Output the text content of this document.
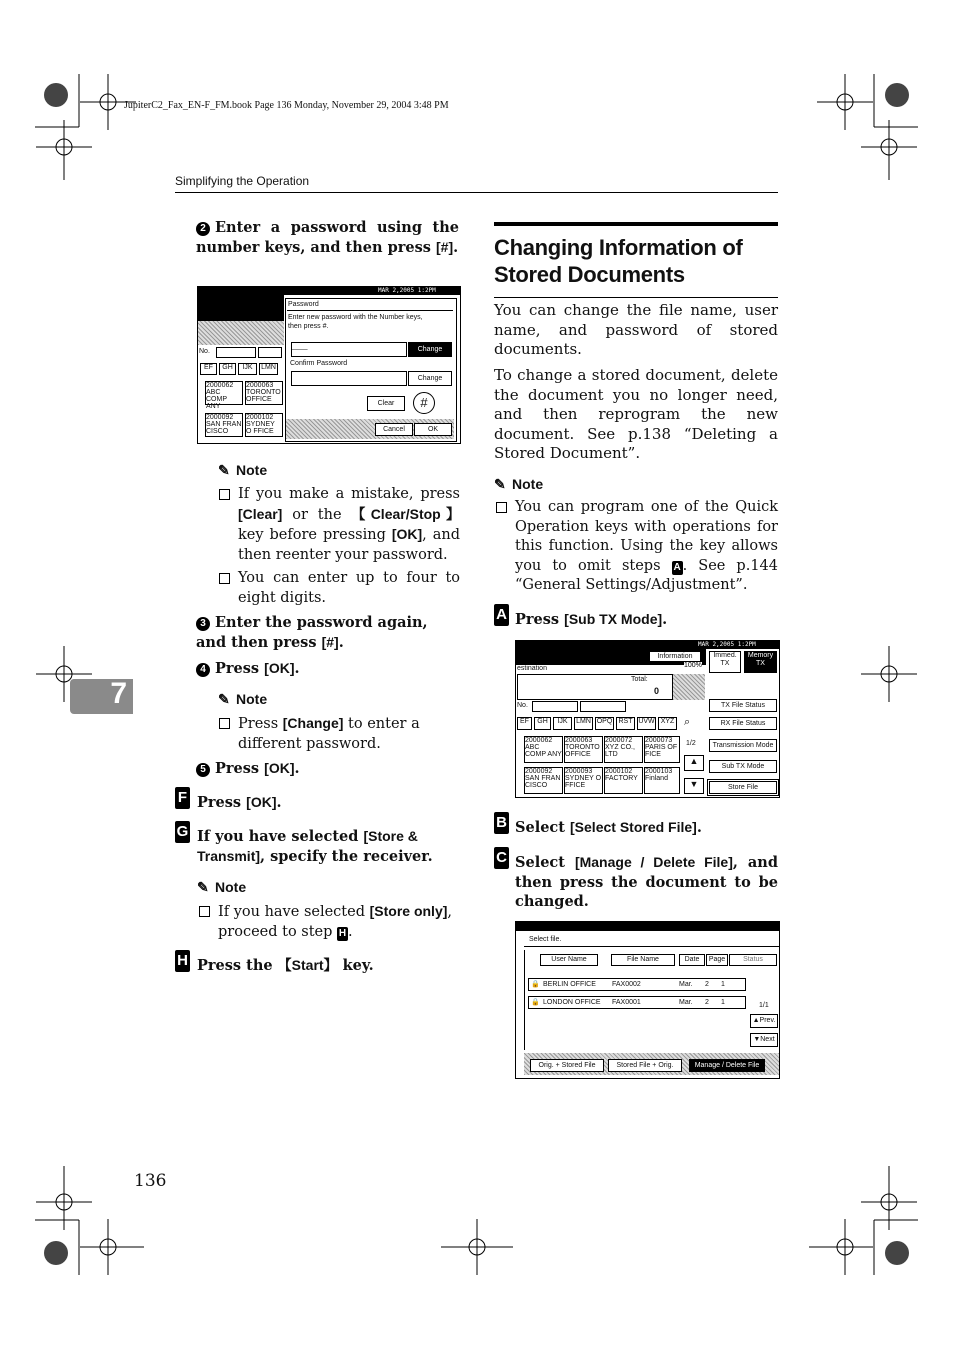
JupiterC2_Fax_EN-F_FM.book Page 136 Monday, November 29, 2004 3:48 PM
Simplifying the Operation
7
2 Enter a password using the number keys, and then press [#].
MAR 2,2005 1:2PM
No.
EF	GH	IJK	LMN
2000062 ABC COMP ANY
2000063 TORONTO OFFICE
2000092 SAN FRAN CISCO
2000102 SYDNEY O FFICE
Password
Enter new password with the Number keys,
then press #.
____	Change
Confirm Password
Change
Clear	#
Cancel	OK
✎ Note
If you make a mistake, press [Clear] or the 【Clear/Stop】 key before pressing [OK], and then reenter your password.
You can enter up to four to eight digits.
3 Enter the password again, and then press [#].
4 Press [OK].
✎ Note
Press [Change] to enter a different password.
5 Press [OK].
F Press [OK].
G If you have selected [Store & Transmit], specify the receiver.
✎ Note
If you have selected [Store only], proceed to step H .
H Press the 【Start】 key.
Changing Information of Stored Documents
You can change the file name, user name, and password of stored documents.
To change a stored document, delete the document you no longer need, and then reprogram the new document. See p.138 “Deleting a Stored Document”.
✎ Note
You can program one of the Quick Operation keys with operations for this function. Using the key allows you to omit steps A . See p.144 “General Settings/Adjustment”.
A Press [Sub TX Mode].
MAR 2,2005 1:2PM
Information
100%
estination
Immed. TX
Memory TX
Total:
0
TX File Status
RX File Status
Transmission Mode
Sub TX Mode
Store File
No.
EF	GH	IJK	LMN OPQ RST UVW XYZ ⌕
2000062 ABC COMP ANY
2000063 TORONTO OFFICE
2000072 XYZ CO., LTD
2000073 PARIS OF FICE
2000092 SAN FRAN CISCO
2000093 SYDNEY O FFICE
2000102 FACTORY
2000103 Finland
1/2
▲
▼
B Select [Select Stored File].
C Select [Manage / Delete File], and then press the document to be changed.
Select file.
User Name	File Name	Date	Page	Status
🔒 BERLIN OFFICE FAX0002	Mar. 2 1
🔒 LONDON OFFICE FAX0001	Mar. 2 1	1/1
▲Prev.
▼Next
Orig. + Stored File	Stored File + Orig.	Manage / Delete File
136
